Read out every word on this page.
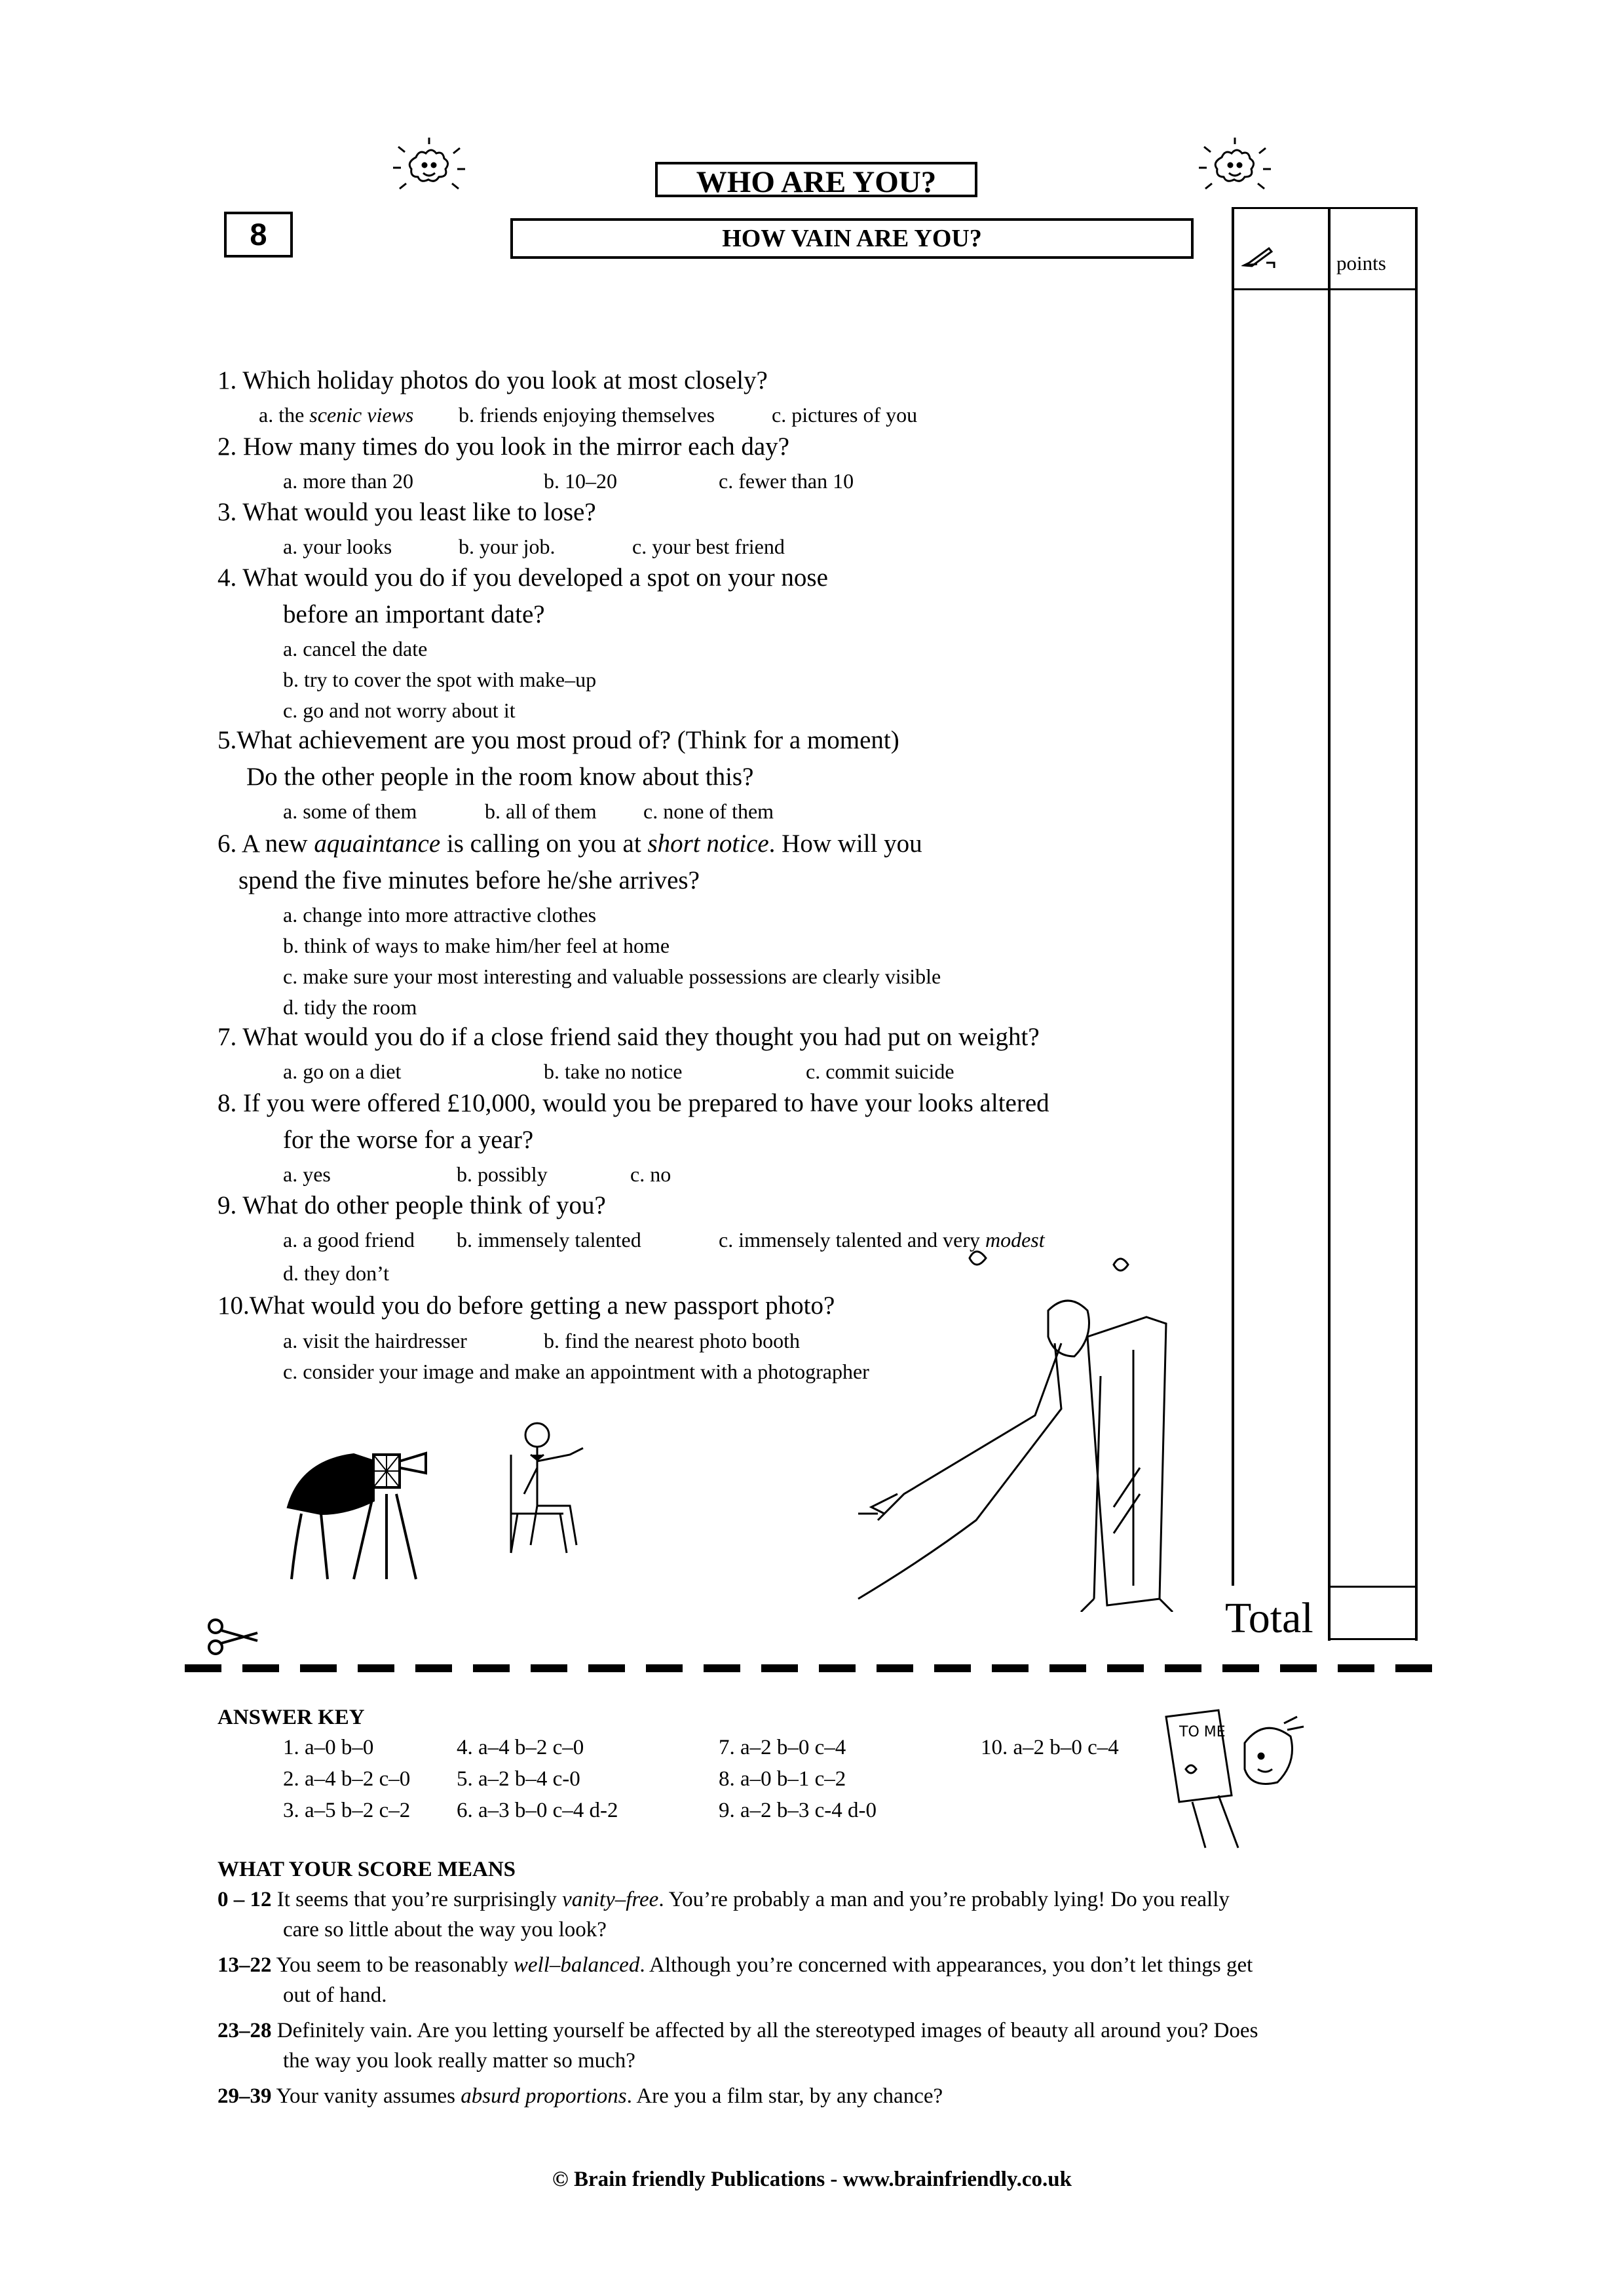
WHO ARE YOU?
8	HOW VAIN ARE YOU?
points
Total
1. Which holiday photos do you look at most closely?
a. the scenic views b. friends enjoying themselves	c. pictures of you
2. How many times do you look in the mirror each day?
a. more than 20	b. 10–20	c. fewer than 10
3. What would you least like to lose?
a. your looks	b. your job.	c. your best friend
4. What would you do if you developed a spot on your nose
before an important date?
a. cancel the date
b. try to cover the spot with make–up
c. go and not worry about it
5.What achievement are you most proud of? (Think for a moment)
Do the other people in the room know about this?
a. some of them	b. all of them c. none of them
6. A new aquaintance is calling on you at short notice. How will you
spend the five minutes before he/she arrives?
a. change into more attractive clothes
b. think of ways to make him/her feel at home
c. make sure your most interesting and valuable possessions are clearly visible
d. tidy the room
7. What would you do if a close friend said they thought you had put on weight?
a. go on a diet	b. take no notice	c. commit suicide
8. If you were offered £10,000, would you be prepared to have your looks altered
for the worse for a year?
a. yes	b. possibly	c. no
9. What do other people think of you?
a. a good friend b. immensely talented	c. immensely talented and very modest
d. they don’t
10.What would you do before getting a new passport photo?
a. visit the hairdresser	b. find the nearest photo booth
c. consider your image and make an appointment with a photographer
ANSWER KEY
1. a–0 b–0
2. a–4 b–2 c–0
3. a–5 b–2 c–2
4. a–4 b–2 c–0
5. a–2 b–4 c-0
6. a–3 b–0 c–4 d-2
7. a–2 b–0 c–4
8. a–0 b–1 c–2
9. a–2 b–3 c-4 d-0
10. a–2 b–0 c–4
TO ME
WHAT YOUR SCORE MEANS
0 – 12 It seems that you’re surprisingly vanity–free. You’re probably a man and you’re probably lying! Do you really
care so little about the way you look?
13–22 You seem to be reasonably well–balanced. Although you’re concerned with appearances, you don’t let things get
out of hand.
23–28 Definitely vain. Are you letting yourself be affected by all the stereotyped images of beauty all around you? Does
the way you look really matter so much?
29–39 Your vanity assumes absurd proportions. Are you a film star, by any chance?
© Brain friendly Publications - www.brainfriendly.co.uk
